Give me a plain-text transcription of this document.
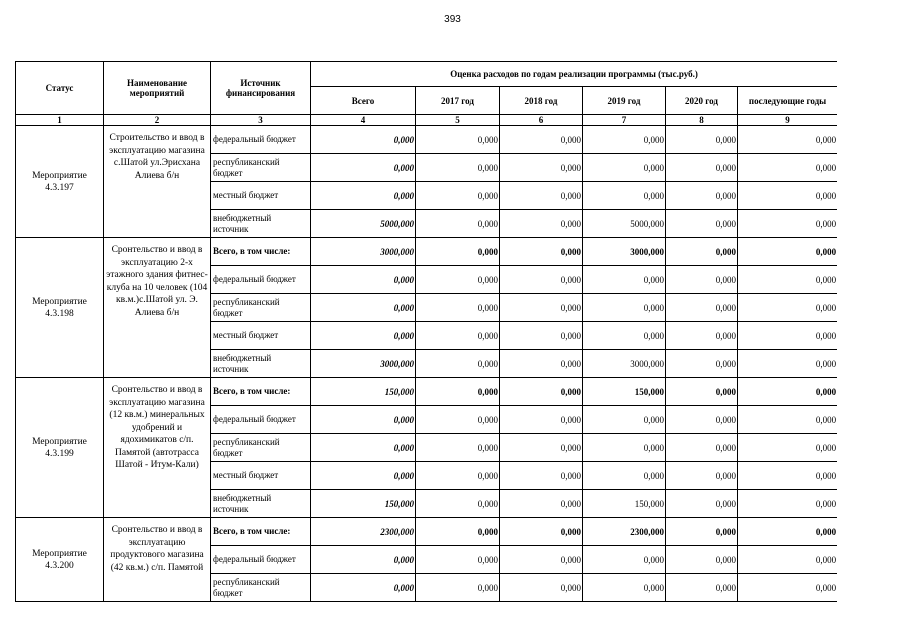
393
Статус	Наименование мероприятий	Источник финансирования	Оценка расходов по годам реализации программы (тыс.руб.)					
			Всего	2017 год	2018 год	2019 год	2020 год	последующие годы
1	2	3	4	5	6	7	8	9
Мероприятие 4.3.197	Строительство и ввод в эксплуатацию магазина с.Шатой ул.Эрисхана Алиева б/н	федеральный бюджет	0,000	0,000	0,000	0,000	0,000	0,000
		республиканский бюджет	0,000	0,000	0,000	0,000	0,000	0,000
		местный бюджет	0,000	0,000	0,000	0,000	0,000	0,000
		внебюджетный источник	5000,000	0,000	0,000	5000,000	0,000	0,000
Мероприятие 4.3.198	Сронтельство и ввод в эксплуатацию 2-х этажного здания фитнес-клуба на 10 человек (104 кв.м.)с.Шатой ул. Э. Алиева б/н	Всего, в том числе:	3000,000	0,000	0,000	3000,000	0,000	0,000
		федеральный бюджет	0,000	0,000	0,000	0,000	0,000	0,000
		республиканский бюджет	0,000	0,000	0,000	0,000	0,000	0,000
		местный бюджет	0,000	0,000	0,000	0,000	0,000	0,000
		внебюджетный источник	3000,000	0,000	0,000	3000,000	0,000	0,000
Мероприятие 4.3.199	Сронтельство и ввод в эксплуатацию магазина (12 кв.м.) минеральных удобрений и ядохимикатов с/п. Памятой (автотрасса Шатой - Итум-Кали)	Всего, в том числе:	150,000	0,000	0,000	150,000	0,000	0,000
		федеральный бюджет	0,000	0,000	0,000	0,000	0,000	0,000
		республиканский бюджет	0,000	0,000	0,000	0,000	0,000	0,000
		местный бюджет	0,000	0,000	0,000	0,000	0,000	0,000
		внебюджетный источник	150,000	0,000	0,000	150,000	0,000	0,000
Мероприятие 4.3.200	Сронтельство и ввод в эксплуатацию продуктового магазина (42 кв.м.) с/п. Памятой	Всего, в том числе:	2300,000	0,000	0,000	2300,000	0,000	0,000
		федеральный бюджет	0,000	0,000	0,000	0,000	0,000	0,000
		республиканский бюджет	0,000	0,000	0,000	0,000	0,000	0,000
